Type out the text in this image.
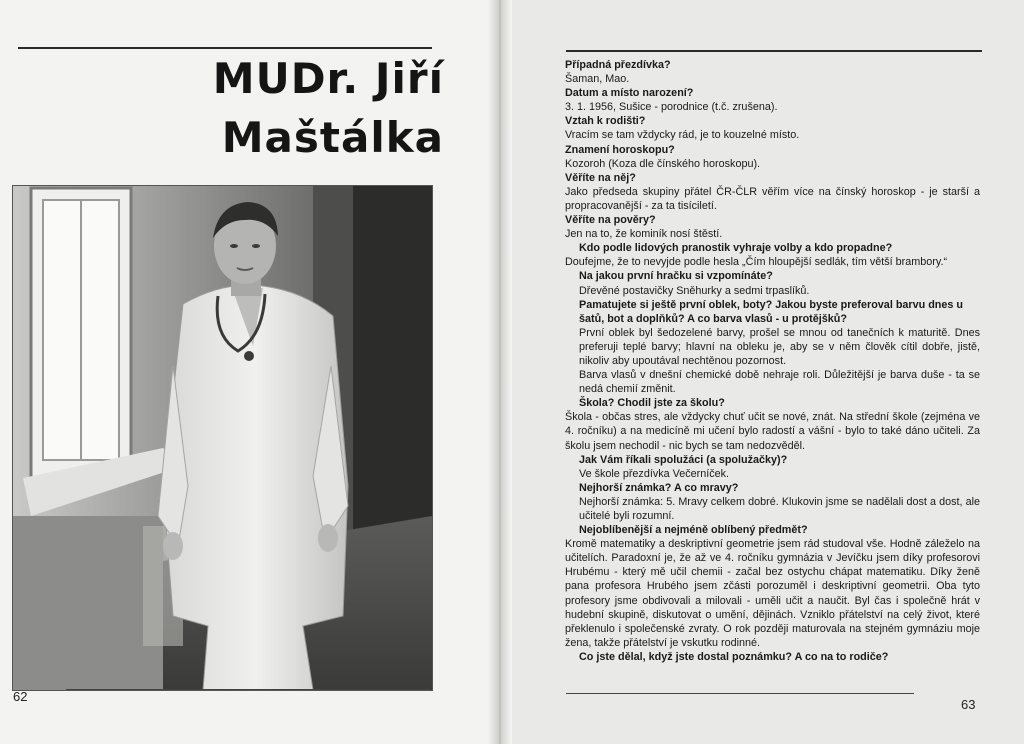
MUDr. Jiří
Maštálka
62

Případná přezdívka?

Šaman, Mao.

Datum a místo narození?

3. 1. 1956, Sušice - porodnice (t.č. zrušena).

Vztah k rodišti?

Vracím se tam vždycky rád, je to kouzelné místo.

Znamení horoskopu?

Kozoroh (Koza dle čínského horoskopu).

Věříte na něj?

Jako předseda skupiny přátel ČR-ČLR věřím více na čínský horoskop - je starší a propracovanější - za ta tisíciletí.

Věříte na pověry?

Jen na to, že kominík nosí štěstí.

Kdo podle lidových pranostik vyhraje volby a kdo propadne?

Doufejme, že to nevyjde podle hesla „Čím hloupější sedlák, tím větší brambory.“

Na jakou první hračku si vzpomínáte?

Dřevěné postavičky Sněhurky a sedmi trpaslíků.

Pamatujete si ještě první oblek, boty? Jakou byste preferoval barvu dnes u šatů, bot a doplňků? A co barva vlasů - u protějšků?

První oblek byl šedozelené barvy, prošel se mnou od tanečních k maturitě. Dnes preferuji teplé barvy; hlavní na obleku je, aby se v něm člověk cítil dobře, jistě, nikoliv aby upoutával nechtěnou pozornost.

Barva vlasů v dnešní chemické době nehraje roli. Důležitější je barva duše - ta se nedá chemií změnit.

Škola? Chodil jste za školu?

Škola - občas stres, ale vždycky chuť učit se nové, znát. Na střední škole (zejména ve 4. ročníku) a na medicíně mi učení bylo radostí a vášní - bylo to také dáno učiteli. Za školu jsem nechodil - nic bych se tam nedozvěděl.

Jak Vám říkali spolužáci (a spolužačky)?

Ve škole přezdívka Večerníček.

Nejhorší známka? A co mravy?

Nejhorší známka: 5. Mravy celkem dobré. Klukovin jsme se nadělali dost a dost, ale učitelé byli rozumní.

Nejoblíbenější a nejméně oblíbený předmět?

Kromě matematiky a deskriptivní geometrie jsem rád studoval vše. Hodně záleželo na učitelích. Paradoxní je, že až ve 4. ročníku gymnázia v Jevíčku jsem díky profesorovi Hrubému - který mě učil chemii - začal bez ostychu chápat matematiku. Díky ženě pana profesora Hrubého jsem zčásti porozuměl i deskriptivní geometrii. Oba tyto profesory jsme obdivovali a milovali - uměli učit a naučit. Byl čas i společně hrát v hudební skupině, diskutovat o umění, dějinách. Vzniklo přátelství na celý život, které překlenulo i společenské zvraty. O rok později maturovala na stejném gymnáziu moje žena, takže přátelství je vskutku rodinné.

Co jste dělal, když jste dostal poznámku? A co na to rodiče?

63
